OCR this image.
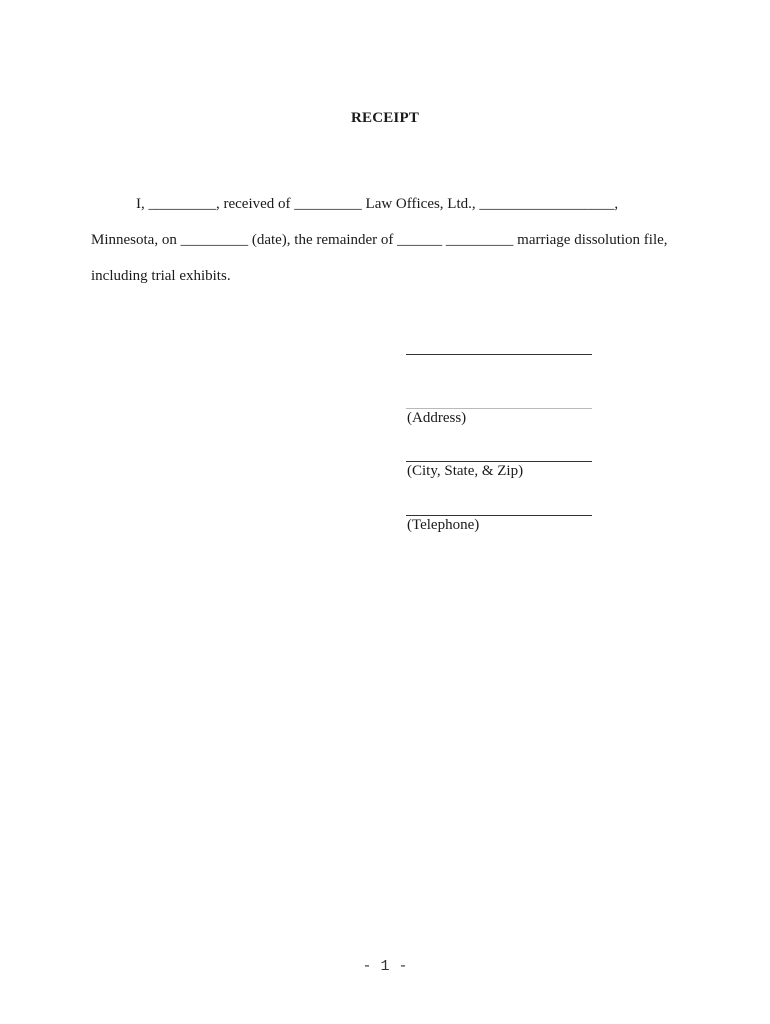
RECEIPT
I, _________, received of _________ Law Offices, Ltd., __________________,
Minnesota, on _________ (date), the remainder of ______ _________ marriage dissolution file,
including trial exhibits.
(Address)
(City, State, & Zip)
(Telephone)
- 1 -
